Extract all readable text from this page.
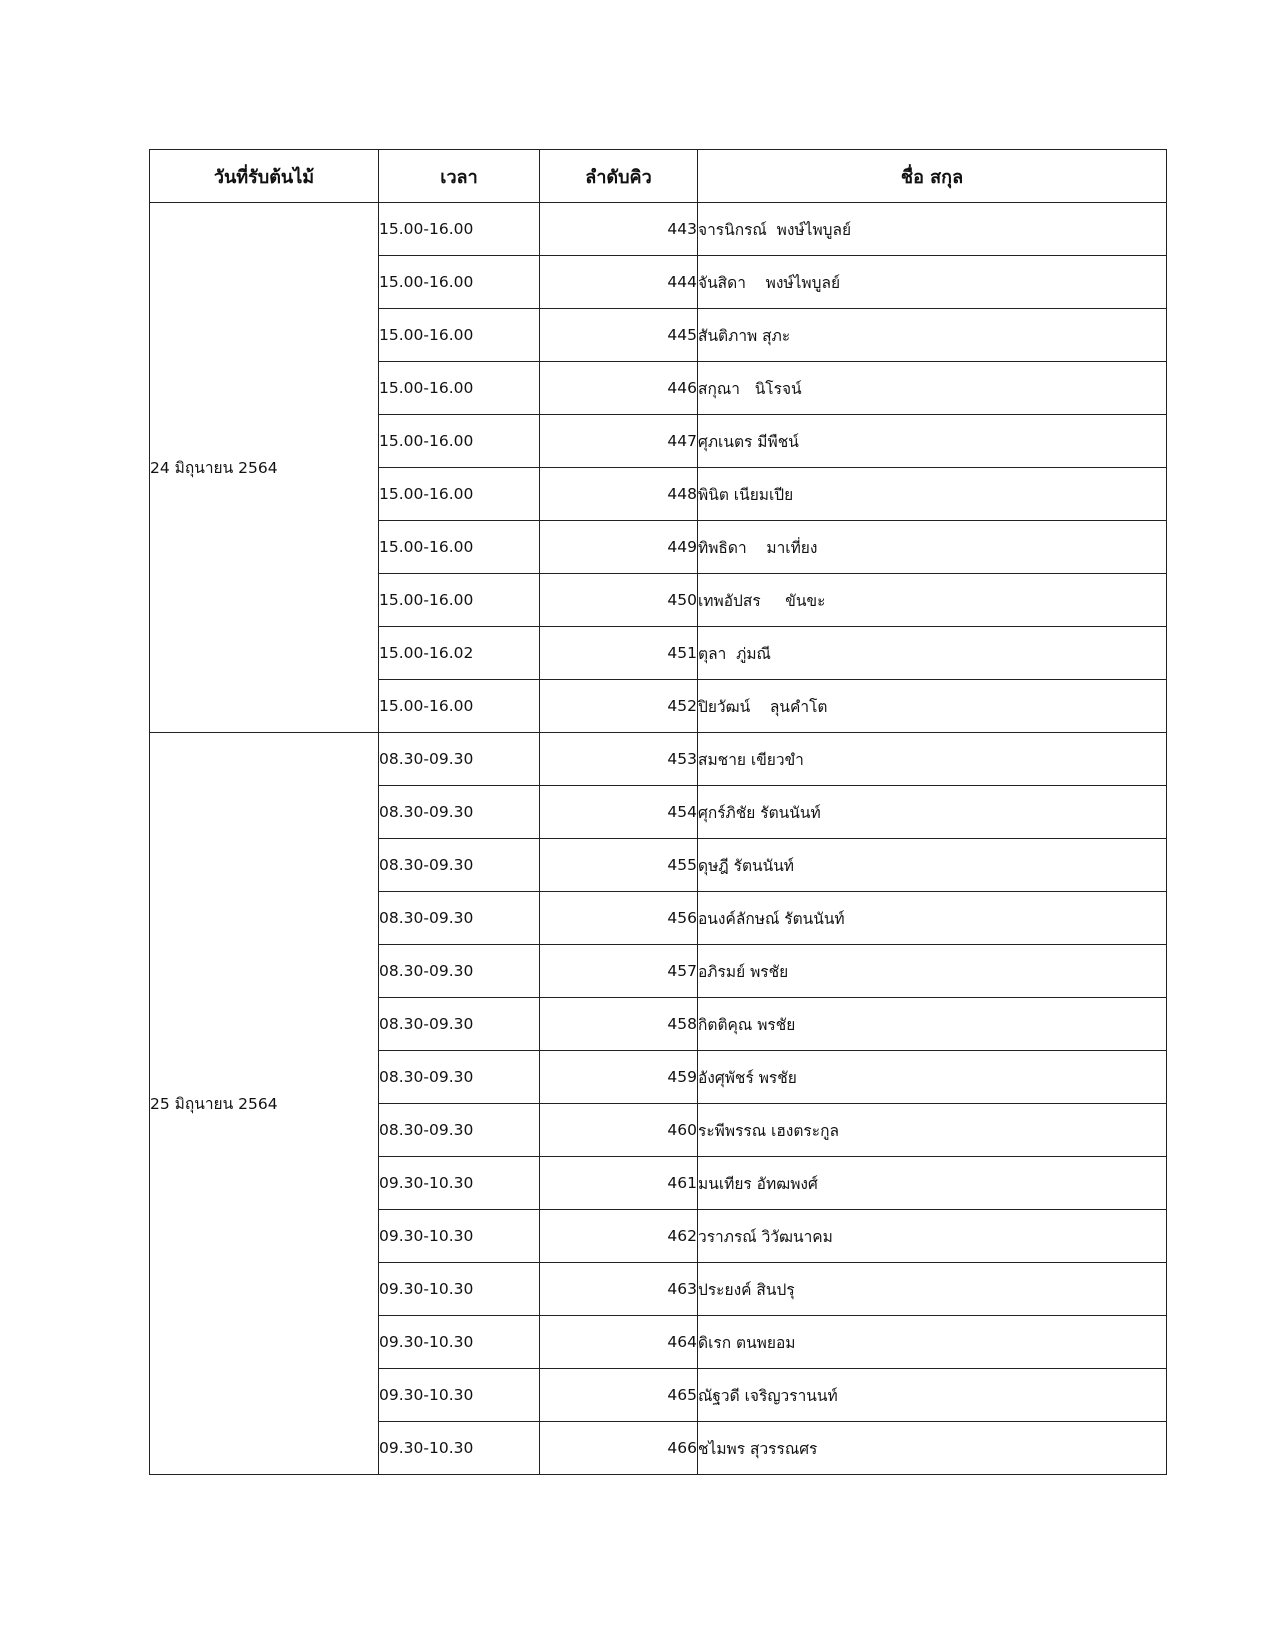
วันที่รับต้นไม้	เวลา	ลำดับคิว	ชื่อ สกุล
24 มิถุนายน 2564	15.00-16.00	443	จารนิกรณ์  พงษ์ไพบูลย์
	15.00-16.00	444	จันสิดา    พงษ์ไพบูลย์
	15.00-16.00	445	สันติภาพ สุภะ
	15.00-16.00	446	สกุณา   นิโรจน์
	15.00-16.00	447	ศุภเนตร มีพืชน์
	15.00-16.00	448	พินิต เนียมเปีย
	15.00-16.00	449	ทิพธิดา    มาเที่ยง
	15.00-16.00	450	เทพอัปสร     ขันขะ
	15.00-16.02	451	ตุลา  ภู่มณี
	15.00-16.00	452	ปิยวัฒน์    ลุนคำโต
25 มิถุนายน 2564	08.30-09.30	453	สมชาย เขียวขำ
	08.30-09.30	454	ศุกร์ภิชัย รัตนนันท์
	08.30-09.30	455	ดุษฎี รัตนนันท์
	08.30-09.30	456	อนงค์ลักษณ์ รัตนนันท์
	08.30-09.30	457	อภิรมย์ พรชัย
	08.30-09.30	458	กิตติคุณ พรชัย
	08.30-09.30	459	อังศุพัชร์ พรชัย
	08.30-09.30	460	ระพีพรรณ เฮงตระกูล
	09.30-10.30	461	มนเทียร อัทฒพงศ์
	09.30-10.30	462	วราภรณ์ วิวัฒนาคม
	09.30-10.30	463	ประยงค์ สินปรุ
	09.30-10.30	464	ดิเรก ตนพยอม
	09.30-10.30	465	ณัฐวดี เจริญวรานนท์
	09.30-10.30	466	ชไมพร สุวรรณศร
